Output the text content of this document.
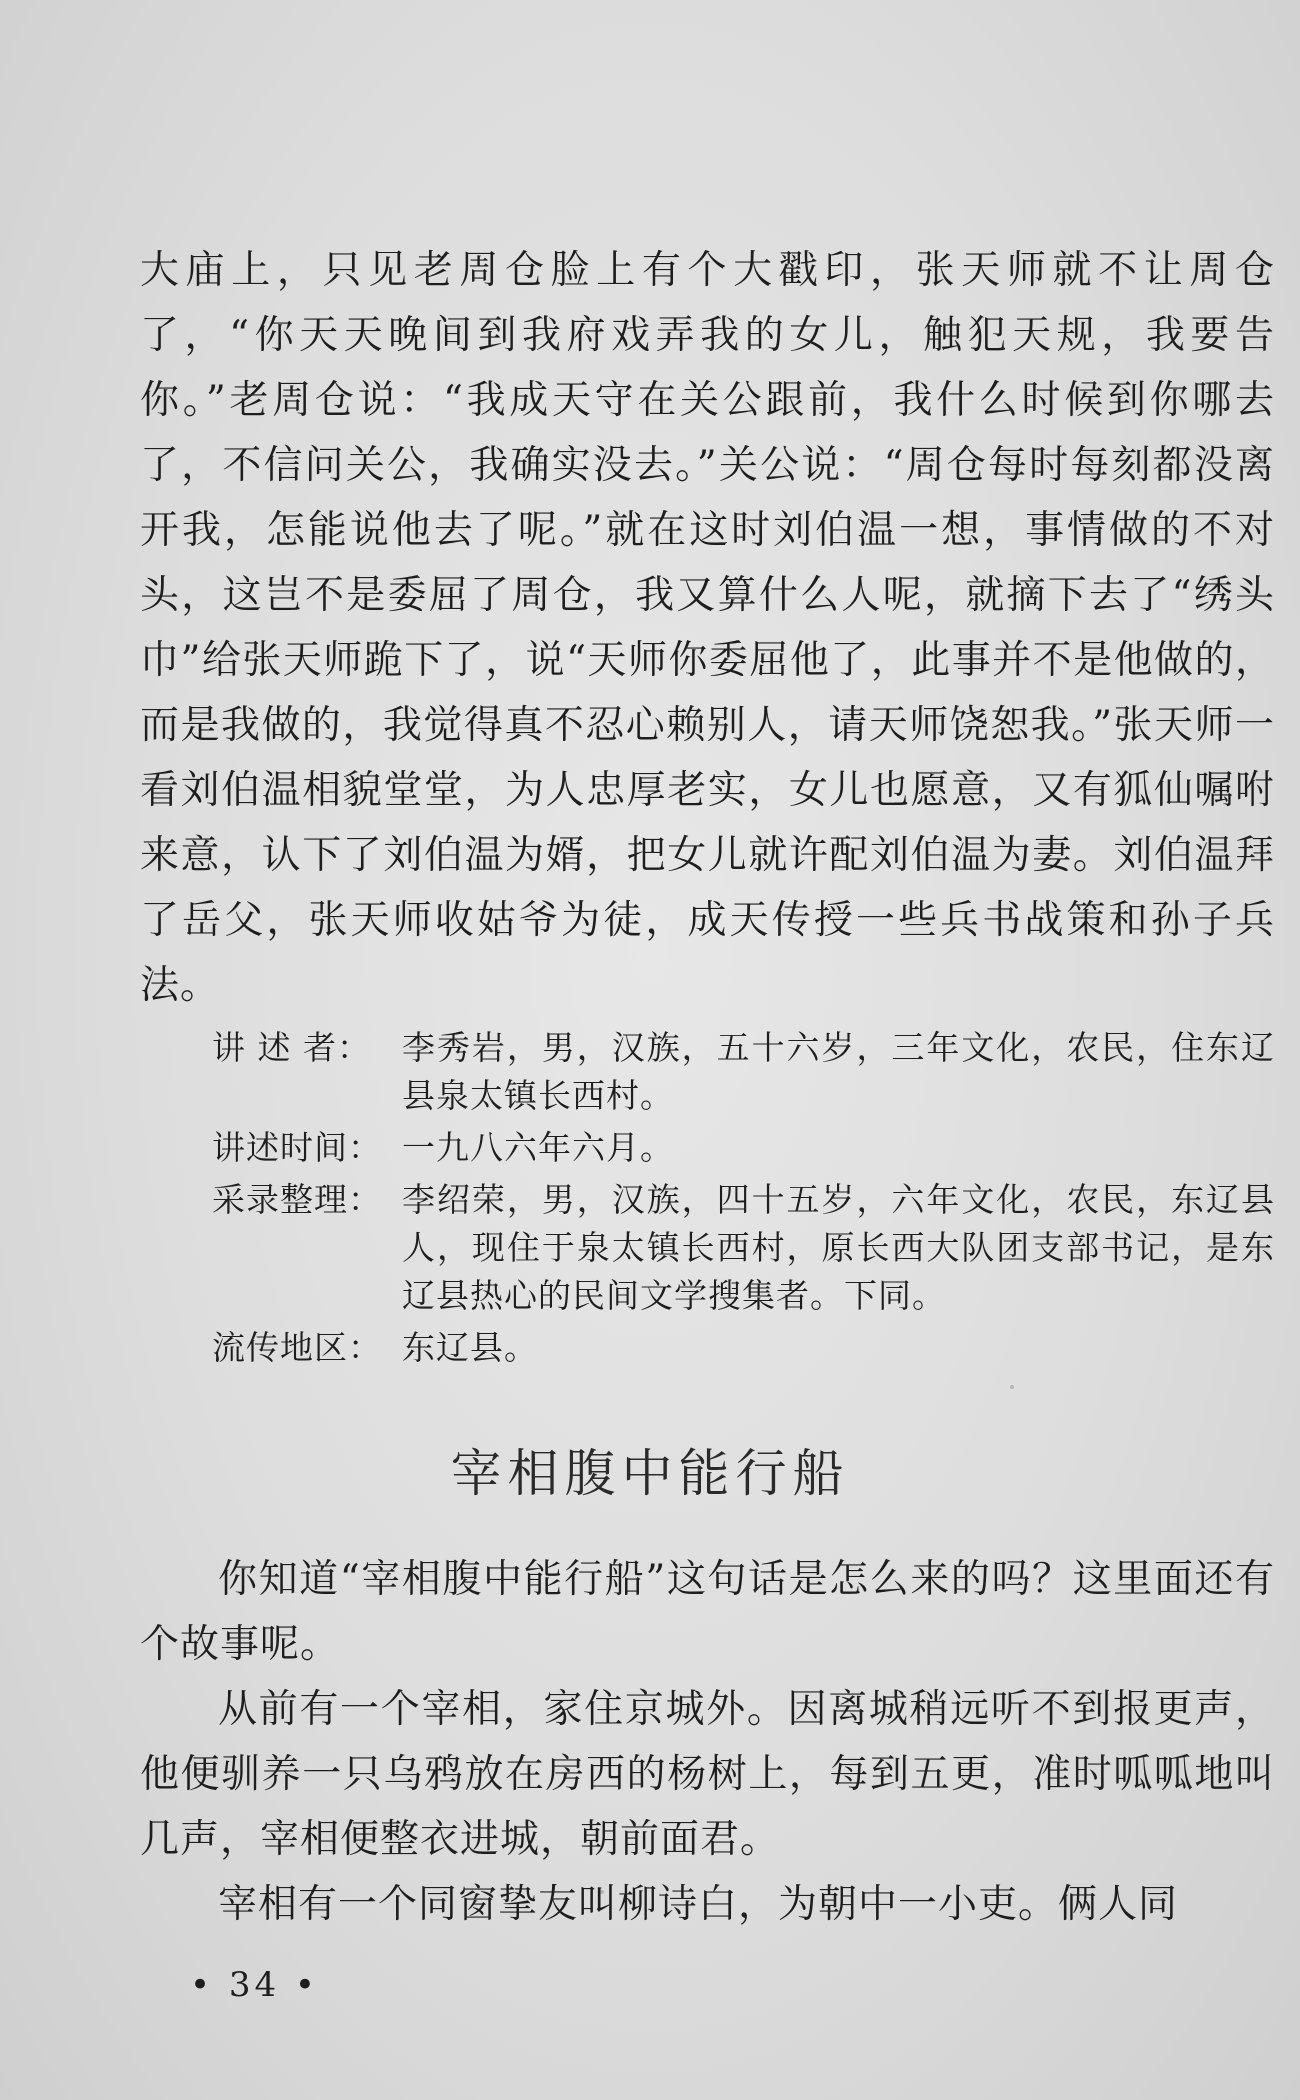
大庙上，只见老周仓脸上有个大戳印，张天师就不让周仓了，“你天天晚间到我府戏弄我的女儿，触犯天规，我要告你。”老周仓说：“我成天守在关公跟前，我什么时候到你哪去了，不信问关公，我确实没去。”关公说：“周仓每时每刻都没离开我，怎能说他去了呢。”就在这时刘伯温一想，事情做的不对头，这岂不是委屈了周仓，我又算什么人呢，就摘下去了“绣头巾”给张天师跪下了，说“天师你委屈他了，此事并不是他做的，而是我做的，我觉得真不忍心赖别人，请天师饶恕我。”张天师一看刘伯温相貌堂堂，为人忠厚老实，女儿也愿意，又有狐仙嘱咐来意，认下了刘伯温为婿，把女儿就许配刘伯温为妻。刘伯温拜了岳父，张天师收姑爷为徒，成天传授一些兵书战策和孙子兵法。

讲 述 者： 李秀岩，男，汉族，五十六岁，三年文化，农民，住东辽县泉太镇长西村。
讲述时间： 一九八六年六月。
采录整理： 李绍荣，男，汉族，四十五岁，六年文化，农民，东辽县人，现住于泉太镇长西村，原长西大队团支部书记，是东辽县热心的民间文学搜集者。下同。
流传地区： 东辽县。
宰相腹中能行船

你知道“宰相腹中能行船”这句话是怎么来的吗？这里面还有个故事呢。

从前有一个宰相，家住京城外。因离城稍远听不到报更声，他便驯养一只乌鸦放在房西的杨树上，每到五更，准时呱呱地叫几声，宰相便整衣进城，朝前面君。

宰相有一个同窗挚友叫柳诗白，为朝中一小吏。俩人同

• 34 •
